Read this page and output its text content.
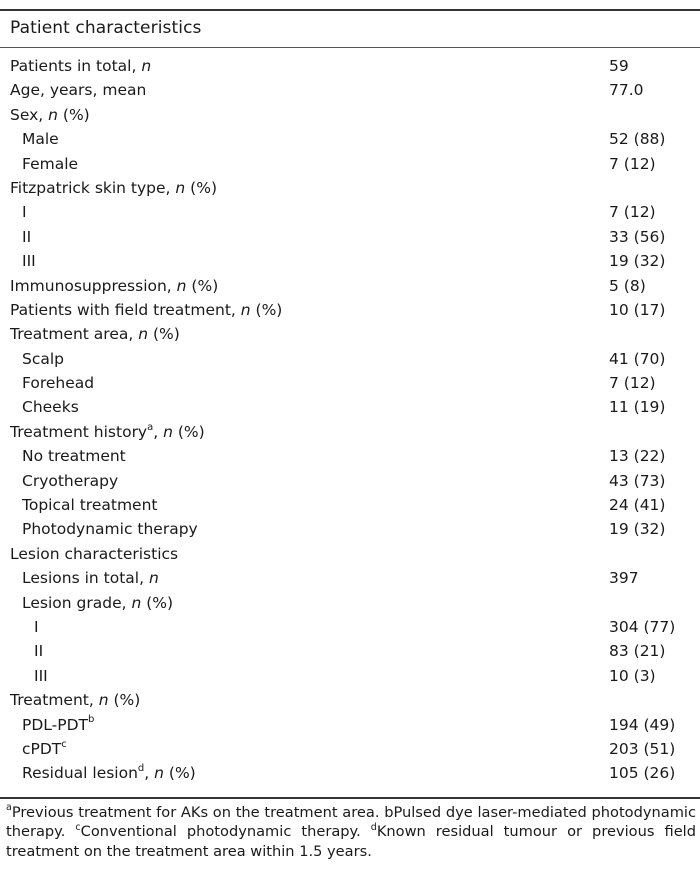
Patient characteristics
Patients in total, n	59
Age, years, mean	77.0
Sex, n (%)
Male	52 (88)
Female	7 (12)
Fitzpatrick skin type, n (%)
I	7 (12)
II	33 (56)
III	19 (32)
Immunosuppression, n (%)	5 (8)
Patients with field treatment, n (%)	10 (17)
Treatment area, n (%)
Scalp	41 (70)
Forehead	7 (12)
Cheeks	11 (19)
Treatment history$^a$, n (%)
No treatment	13 (22)
Cryotherapy	43 (73)
Topical treatment	24 (41)
Photodynamic therapy	19 (32)
Lesion characteristics
Lesions in total, n	397
Lesion grade, n (%)
I	304 (77)
II	83 (21)
III	10 (3)
Treatment, n (%)
PDL-PDT$^b$	194 (49)
cPDT$^c$	203 (51)
Residual lesion$^d$, n (%)	105 (26)
$^a$Previous treatment for AKs on the treatment area. bPulsed dye laser-mediated photodynamic therapy. $^c$Conventional photodynamic therapy. $^d$Known residual tumour or previous field treatment on the treatment area within 1.5 years.
